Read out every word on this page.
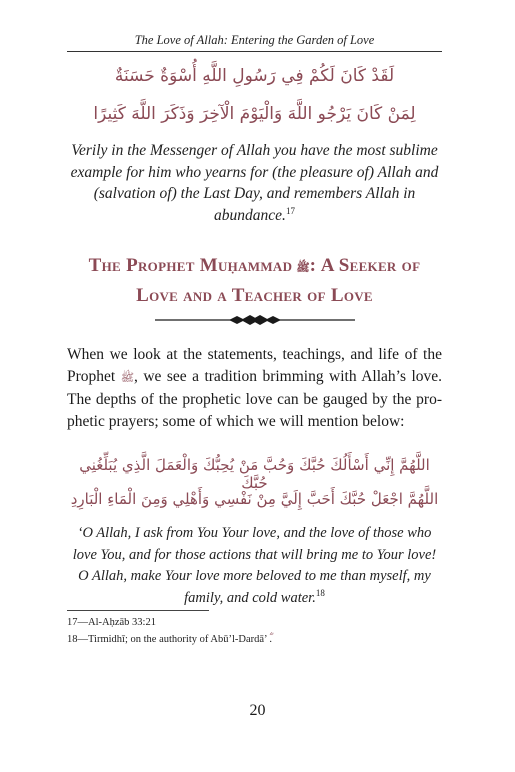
The Love of Allah: Entering the Garden of Love
لَقَدْ كَانَ لَكُمْ فِي رَسُولِ اللَّهِ أُسْوَةٌ حَسَنَةٌ
لِمَنْ كَانَ يَرْجُو اللَّهَ وَالْيَوْمَ الْآخِرَ وَذَكَرَ اللَّهَ كَثِيرًا
Verily in the Messenger of Allah you have the most sublime example for him who yearns for (the pleasure of) Allah and (salvation of) the Last Day, and remembers Allah in abundance.$^{17}$
The Prophet Muḥammad ﷺ: A Seeker of
Love and a Teacher of Love
When we look at the statements, teachings, and life of the Prophet ﷺ, we see a tradition brimming with Allah’s love. The depths of the prophetic love can be gauged by the prophetic prayers; some of which we will mention below:
اللَّهُمَّ إِنِّي أَسْأَلُكَ حُبَّكَ وَحُبَّ مَنْ يُحِبُّكَ وَالْعَمَلَ الَّذِي يُبَلِّغُنِي حُبَّكَ
اللَّهُمَّ اجْعَلْ حُبَّكَ أَحَبَّ إِلَيَّ مِنْ نَفْسِي وَأَهْلِي وَمِنَ الْمَاءِ الْبَارِدِ
‘O Allah, I ask from You Your love, and the love of those who love You, and for those actions that will bring me to Your love! O Allah, make Your love more beloved to me than myself, my family, and cold water.$^{18}$
17—Al-Aḥzāb 33:21
18—Tirmidhī; on the authority of Abū’l-Dardā’ .
20
